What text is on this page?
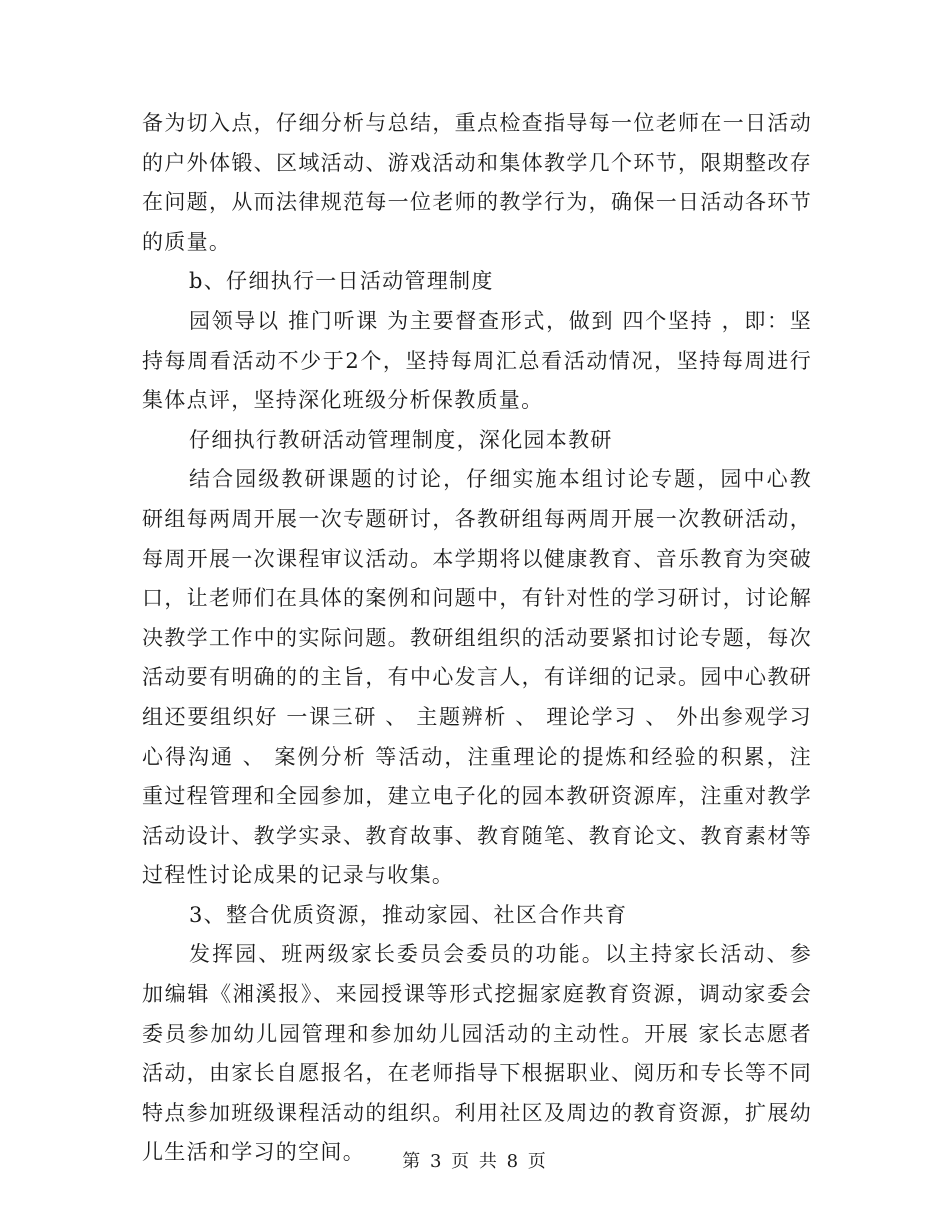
备为切入点，仔细分析与总结，重点检查指导每一位老师在一日活动的户外体锻、区域活动、游戏活动和集体教学几个环节，限期整改存在问题，从而法律规范每一位老师的教学行为，确保一日活动各环节的质量。

b、仔细执行一日活动管理制度

园领导以 推门听课 为主要督查形式，做到 四个坚持 ，即：坚持每周看活动不少于2个，坚持每周汇总看活动情况，坚持每周进行集体点评，坚持深化班级分析保教质量。

仔细执行教研活动管理制度，深化园本教研

结合园级教研课题的讨论，仔细实施本组讨论专题，园中心教研组每两周开展一次专题研讨，各教研组每两周开展一次教研活动，每周开展一次课程审议活动。本学期将以健康教育、音乐教育为突破口，让老师们在具体的案例和问题中，有针对性的学习研讨，讨论解决教学工作中的实际问题。教研组组织的活动要紧扣讨论专题，每次活动要有明确的的主旨，有中心发言人，有详细的记录。园中心教研组还要组织好 一课三研 、 主题辨析 、 理论学习 、 外出参观学习心得沟通 、 案例分析 等活动，注重理论的提炼和经验的积累，注重过程管理和全园参加，建立电子化的园本教研资源库，注重对教学活动设计、教学实录、教育故事、教育随笔、教育论文、教育素材等过程性讨论成果的记录与收集。

3、整合优质资源，推动家园、社区合作共育

发挥园、班两级家长委员会委员的功能。以主持家长活动、参加编辑《湘溪报》、来园授课等形式挖掘家庭教育资源，调动家委会委员参加幼儿园管理和参加幼儿园活动的主动性。开展 家长志愿者 活动，由家长自愿报名，在老师指导下根据职业、阅历和专长等不同特点参加班级课程活动的组织。利用社区及周边的教育资源，扩展幼儿生活和学习的空间。	第 3 页 共 8 页
